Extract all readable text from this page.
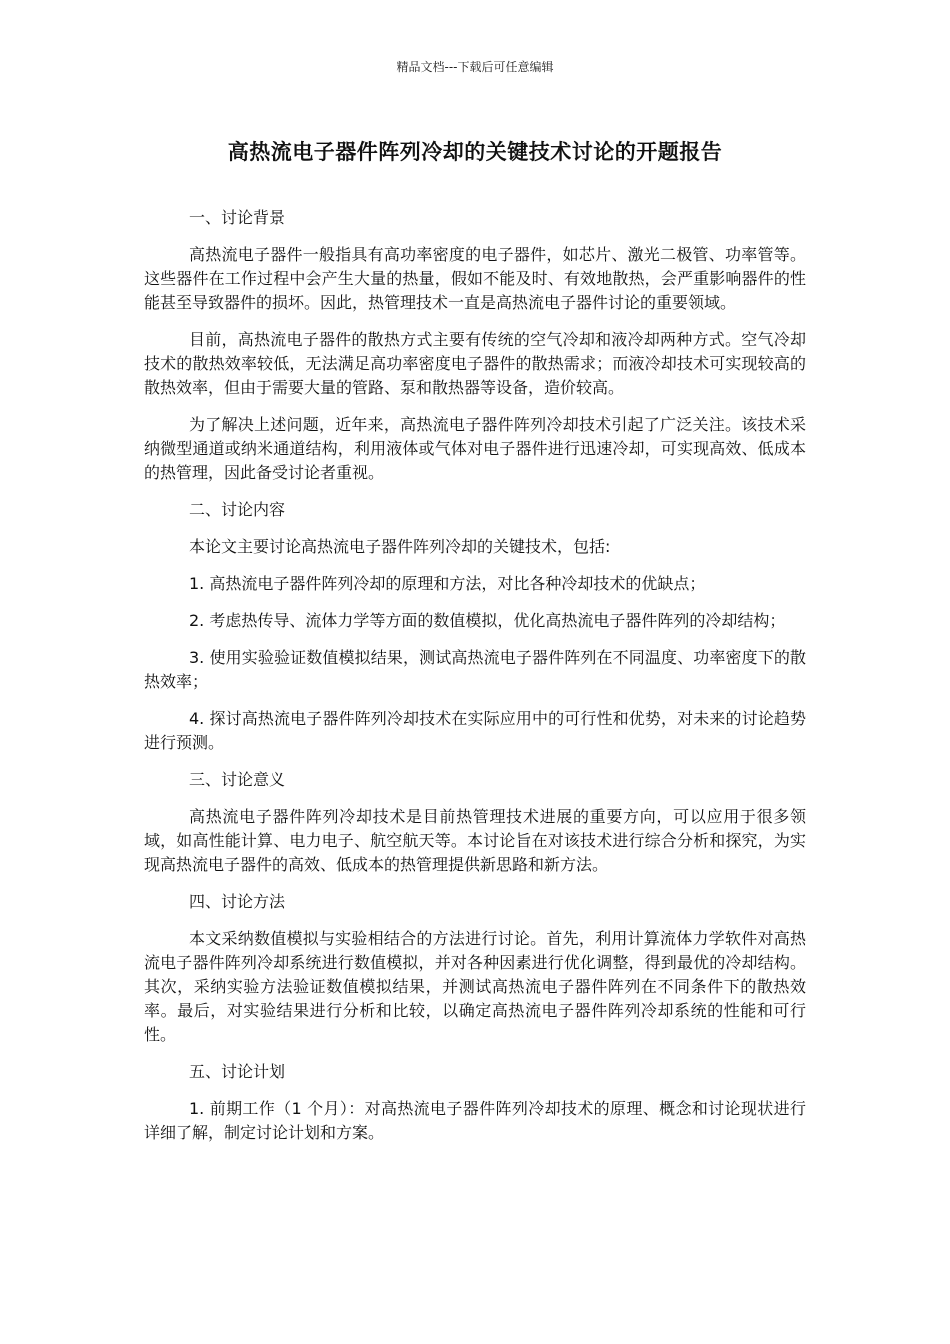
精品文档---下载后可任意编辑
高热流电子器件阵列冷却的关键技术讨论的开题报告
一、讨论背景
高热流电子器件一般指具有高功率密度的电子器件，如芯片、激光二极管、功率管等。这些器件在工作过程中会产生大量的热量，假如不能及时、有效地散热，会严重影响器件的性能甚至导致器件的损坏。因此，热管理技术一直是高热流电子器件讨论的重要领域。
目前，高热流电子器件的散热方式主要有传统的空气冷却和液冷却两种方式。空气冷却技术的散热效率较低，无法满足高功率密度电子器件的散热需求；而液冷却技术可实现较高的散热效率，但由于需要大量的管路、泵和散热器等设备，造价较高。
为了解决上述问题，近年来，高热流电子器件阵列冷却技术引起了广泛关注。该技术采纳微型通道或纳米通道结构，利用液体或气体对电子器件进行迅速冷却，可实现高效、低成本的热管理，因此备受讨论者重视。
二、讨论内容
本论文主要讨论高热流电子器件阵列冷却的关键技术，包括:
1. 高热流电子器件阵列冷却的原理和方法，对比各种冷却技术的优缺点；
2. 考虑热传导、流体力学等方面的数值模拟，优化高热流电子器件阵列的冷却结构；
3. 使用实验验证数值模拟结果，测试高热流电子器件阵列在不同温度、功率密度下的散热效率；
4. 探讨高热流电子器件阵列冷却技术在实际应用中的可行性和优势，对未来的讨论趋势进行预测。
三、讨论意义
高热流电子器件阵列冷却技术是目前热管理技术进展的重要方向，可以应用于很多领域，如高性能计算、电力电子、航空航天等。本讨论旨在对该技术进行综合分析和探究，为实现高热流电子器件的高效、低成本的热管理提供新思路和新方法。
四、讨论方法
本文采纳数值模拟与实验相结合的方法进行讨论。首先，利用计算流体力学软件对高热流电子器件阵列冷却系统进行数值模拟，并对各种因素进行优化调整，得到最优的冷却结构。其次，采纳实验方法验证数值模拟结果，并测试高热流电子器件阵列在不同条件下的散热效率。最后，对实验结果进行分析和比较，以确定高热流电子器件阵列冷却系统的性能和可行性。
五、讨论计划
1. 前期工作（1 个月）：对高热流电子器件阵列冷却技术的原理、概念和讨论现状进行详细了解，制定讨论计划和方案。
